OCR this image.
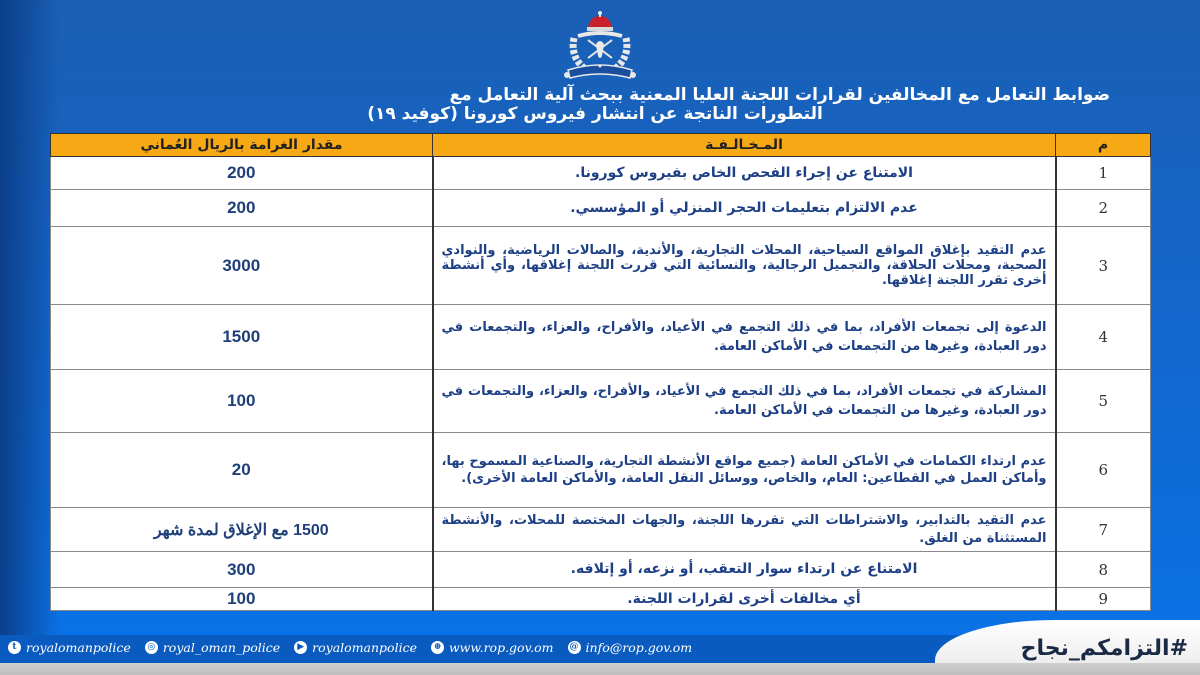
ضوابط التعامل مع المخالفين لقرارات اللجنة العليا المعنية ببحث آلية التعامل مع
التطورات الناتجة عن انتشار فيروس كورونا (كوفيد ١٩)
م	المـخـالـفـة	مقدار الغرامة بالريال العُماني
1	الامتناع عن إجراء الفحص الخاص بفيروس كورونا.	200
2	عدم الالتزام بتعليمات الحجر المنزلي أو المؤسسي.	200
3	عدم التقيد بإغلاق المواقع السياحية، المحلات التجارية، والأندية، والصالات الرياضية، والنوادي الصحية، ومحلات الحلاقة، والتجميل الرجالية، والنسائية التي قررت اللجنة إغلاقها، وأي أنشطة أخرى تقرر اللجنة إغلاقها.	3000
4	الدعوة إلى تجمعات الأفراد، بما في ذلك التجمع في الأعياد، والأفراح، والعزاء، والتجمعات في دور العبادة، وغيرها من التجمعات في الأماكن العامة.	1500
5	المشاركة في تجمعات الأفراد، بما في ذلك التجمع في الأعياد، والأفراح، والعزاء، والتجمعات في دور العبادة، وغيرها من التجمعات في الأماكن العامة.	100
6	عدم ارتداء الكمامات في الأماكن العامة (جميع مواقع الأنشطة التجارية، والصناعية المسموح بها، وأماكن العمل في القطاعين: العام، والخاص، ووسائل النقل العامة، والأماكن العامة الأخرى).	20
7	عدم التقيد بالتدابير، والاشتراطات التي تقررها اللجنة، والجهات المختصة للمحلات، والأنشطة المستثناة من الغلق.	1500 مع الإغلاق لمدة شهر
8	الامتناع عن ارتداء سوار التعقب، أو نزعه، أو إتلافه.	300
9	أي مخالفات أخرى لقرارات اللجنة.	100
t royalomanpolice ◎ royal_oman_police	▶ royalomanpolice	⊕ www.rop.gov.om @ info@rop.gov.om	#التزامكم_نجاح
